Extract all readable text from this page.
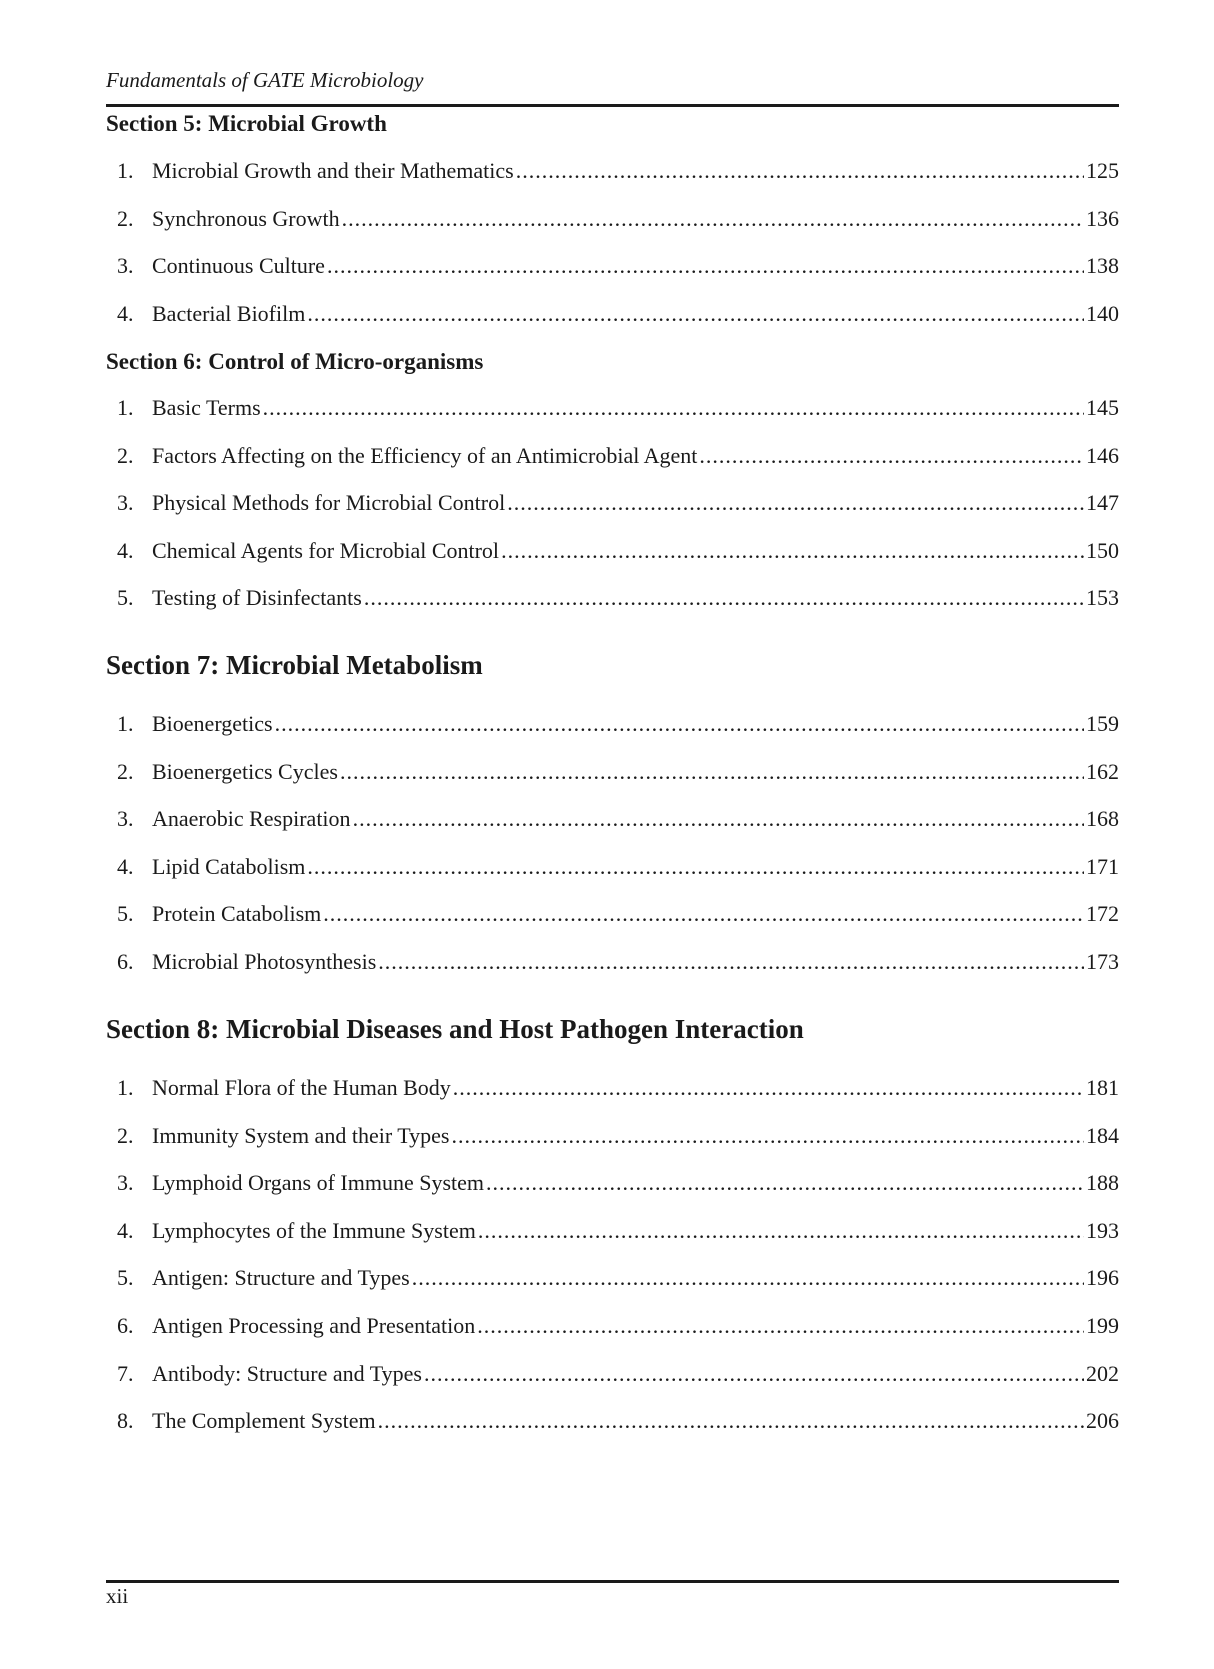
Fundamentals of GATE Microbiology
Section 5: Microbial Growth
1. Microbial Growth and their Mathematics .....	125
2. Synchronous Growth .....	136
3. Continuous Culture .....	138
4. Bacterial Biofilm .....	140
Section 6: Control of Micro-organisms
1. Basic Terms .....	145
2. Factors Affecting on the Efficiency of an Antimicrobial Agent .....	146
3. Physical Methods for Microbial Control .....	147
4. Chemical Agents for Microbial Control .....	150
5. Testing of Disinfectants .....	153
Section 7: Microbial Metabolism
1. Bioenergetics .....	159
2. Bioenergetics Cycles .....	162
3. Anaerobic Respiration .....	168
4. Lipid Catabolism .....	171
5. Protein Catabolism .....	172
6. Microbial Photosynthesis .....	173
Section 8: Microbial Diseases and Host Pathogen Interaction
1. Normal Flora of the Human Body .....	181
2. Immunity System and their Types .....	184
3. Lymphoid Organs of Immune System .....	188
4. Lymphocytes of the Immune System .....	193
5. Antigen: Structure and Types .....	196
6. Antigen Processing and Presentation .....	199
7. Antibody: Structure and Types .....	202
8. The Complement System .....	206
xii
